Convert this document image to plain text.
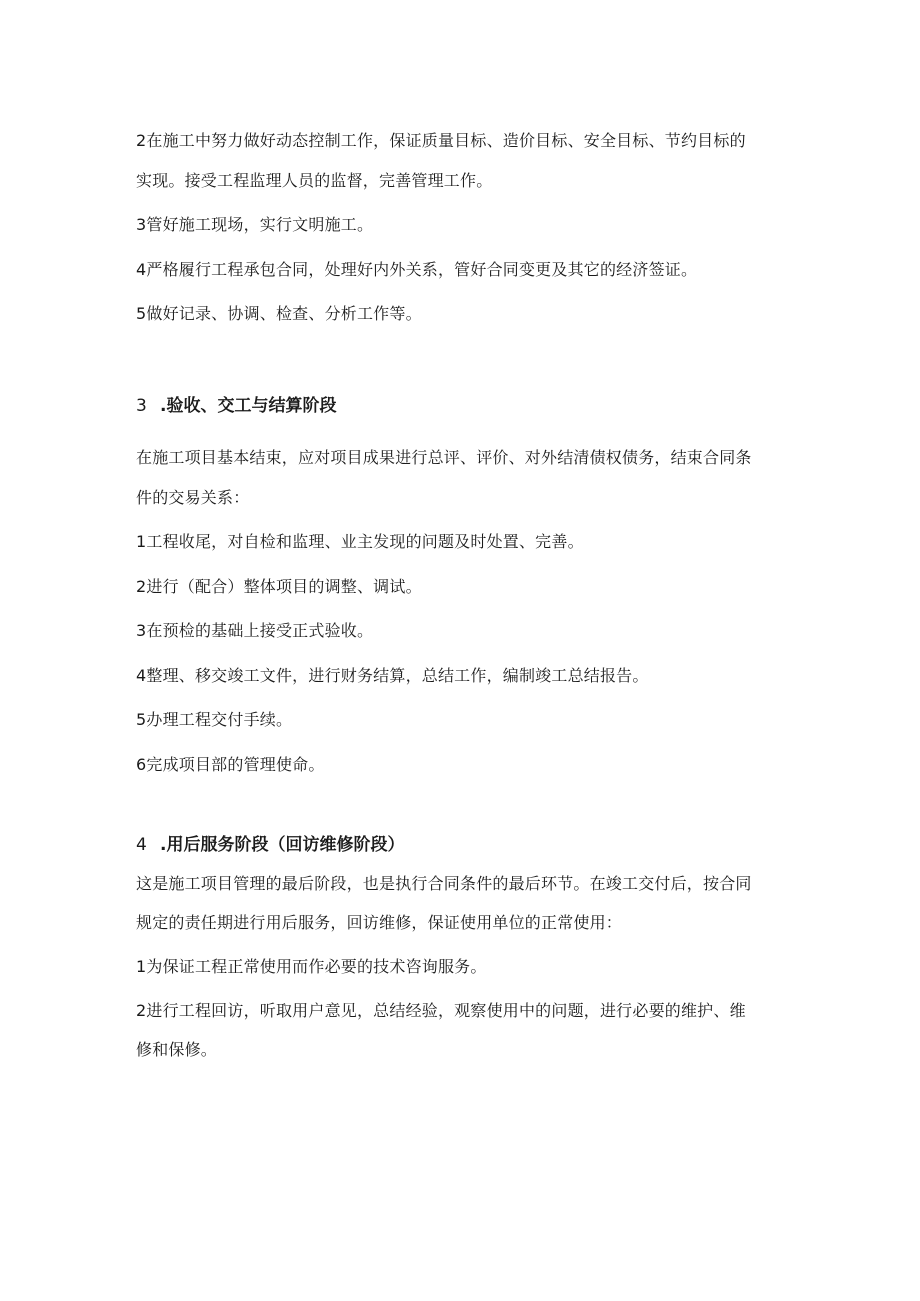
2在施工中努力做好动态控制工作，保证质量目标、造价目标、安全目标、节约目标的
实现。接受工程监理人员的监督，完善管理工作。
3管好施工现场，实行文明施工。
4严格履行工程承包合同，处理好内外关系，管好合同变更及其它的经济签证。
5做好记录、协调、检查、分析工作等。
3 .验收、交工与结算阶段
在施工项目基本结束，应对项目成果进行总评、评价、对外结清债权债务，结束合同条
件的交易关系：
1工程收尾，对自检和监理、业主发现的问题及时处置、完善。
2进行（配合）整体项目的调整、调试。
3在预检的基础上接受正式验收。
4整理、移交竣工文件，进行财务结算，总结工作，编制竣工总结报告。
5办理工程交付手续。
6完成项目部的管理使命。
4 .用后服务阶段（回访维修阶段）
这是施工项目管理的最后阶段，也是执行合同条件的最后环节。在竣工交付后，按合同
规定的责任期进行用后服务，回访维修，保证使用单位的正常使用：
1为保证工程正常使用而作必要的技术咨询服务。
2进行工程回访，听取用户意见，总结经验，观察使用中的问题，进行必要的维护、维
修和保修。
